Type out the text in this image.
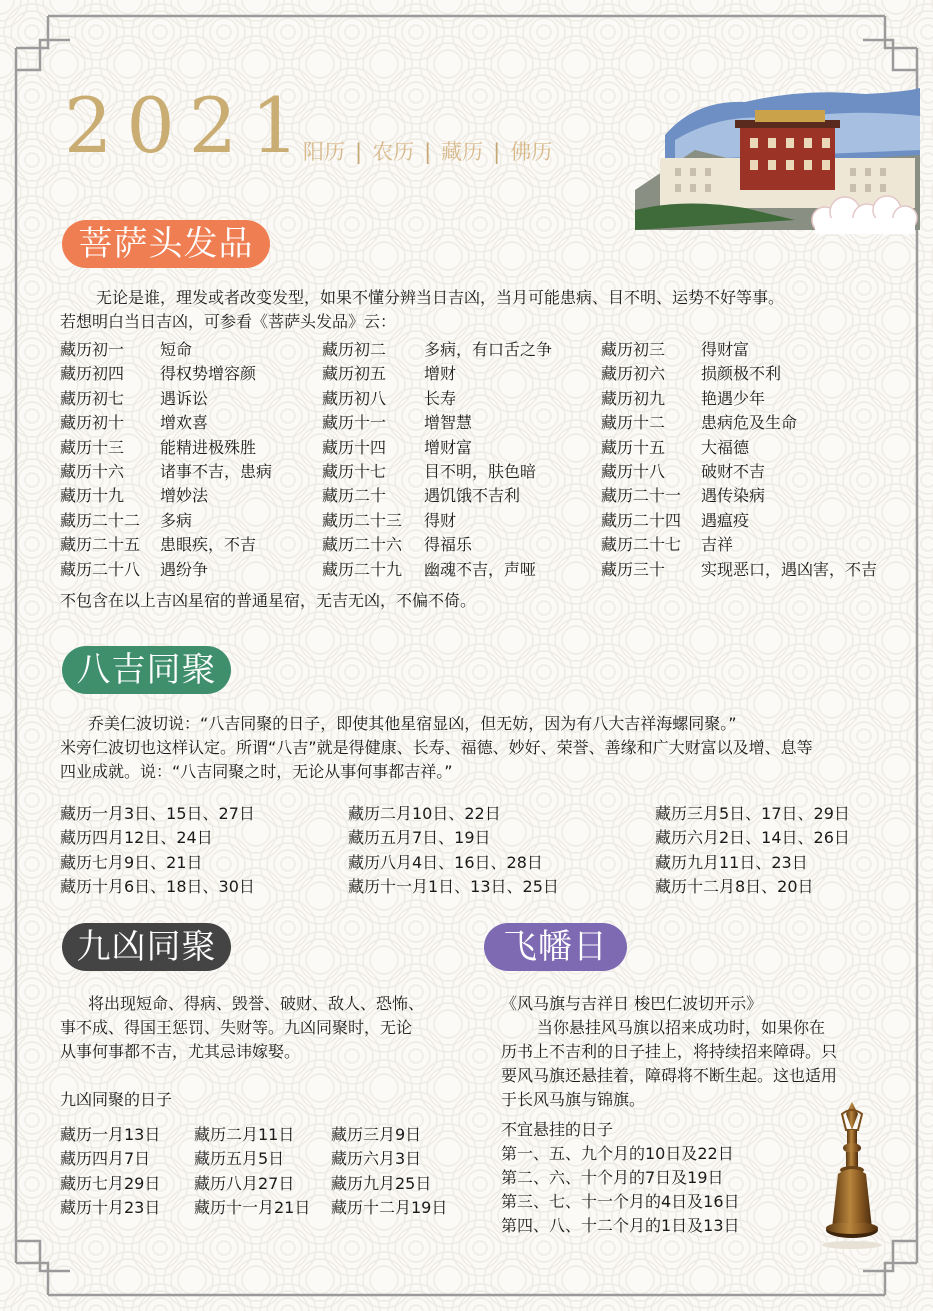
2021
阳历 | 农历 | 藏历 | 佛历
菩萨头发品
无论是谁，理发或者改变发型，如果不懂分辨当日吉凶，当月可能患病、目不明、运势不好等事。
若想明白当日吉凶，可参看《菩萨头发品》云：
藏历初一 短命
藏历初四 得权势增容颜
藏历初七 遇诉讼
藏历初十 增欢喜
藏历十三 能精进极殊胜
藏历十六 诸事不吉，患病
藏历十九 增妙法
藏历二十二 多病
藏历二十五 患眼疾，不吉
藏历二十八 遇纷争
藏历初二 多病，有口舌之争
藏历初五 增财
藏历初八 长寿
藏历十一 增智慧
藏历十四 增财富
藏历十七 目不明，肤色暗
藏历二十 遇饥饿不吉利
藏历二十三 得财
藏历二十六 得福乐
藏历二十九 幽魂不吉，声哑
藏历初三 得财富
藏历初六 损颜极不利
藏历初九 艳遇少年
藏历十二 患病危及生命
藏历十五 大福德
藏历十八 破财不吉
藏历二十一 遇传染病
藏历二十四 遇瘟疫
藏历二十七 吉祥
藏历三十 实现恶口，遇凶害，不吉
不包含在以上吉凶星宿的普通星宿，无吉无凶，不偏不倚。
八吉同聚
乔美仁波切说：“八吉同聚的日子，即使其他星宿显凶，但无妨，因为有八大吉祥海螺同聚。”
米旁仁波切也这样认定。所谓“八吉”就是得健康、长寿、福德、妙好、荣誉、善缘和广大财富以及增、息等
四业成就。说：“八吉同聚之时，无论从事何事都吉祥。”
藏历一月3日、15日、27日
藏历四月12日、24日
藏历七月9日、21日
藏历十月6日、18日、30日
藏历二月10日、22日
藏历五月7日、19日
藏历八月4日、16日、28日
藏历十一月1日、13日、25日
藏历三月5日、17日、29日
藏历六月2日、14日、26日
藏历九月11日、23日
藏历十二月8日、20日
九凶同聚
将出现短命、得病、毁誉、破财、敌人、恐怖、
事不成、得国王惩罚、失财等。九凶同聚时，无论
从事何事都不吉，尤其忌讳嫁娶。
九凶同聚的日子
藏历一月13日
藏历四月7日
藏历七月29日
藏历十月23日
藏历二月11日
藏历五月5日
藏历八月27日
藏历十一月21日
藏历三月9日
藏历六月3日
藏历九月25日
藏历十二月19日
飞幡日
《风马旗与吉祥日 梭巴仁波切开示》
当你悬挂风马旗以招来成功时，如果你在
历书上不吉利的日子挂上，将持续招来障碍。只
要风马旗还悬挂着，障碍将不断生起。这也适用
于长风马旗与锦旗。
不宜悬挂的日子
第一、五、九个月的10日及22日
第二、六、十个月的7日及19日
第三、七、十一个月的4日及16日
第四、八、十二个月的1日及13日
